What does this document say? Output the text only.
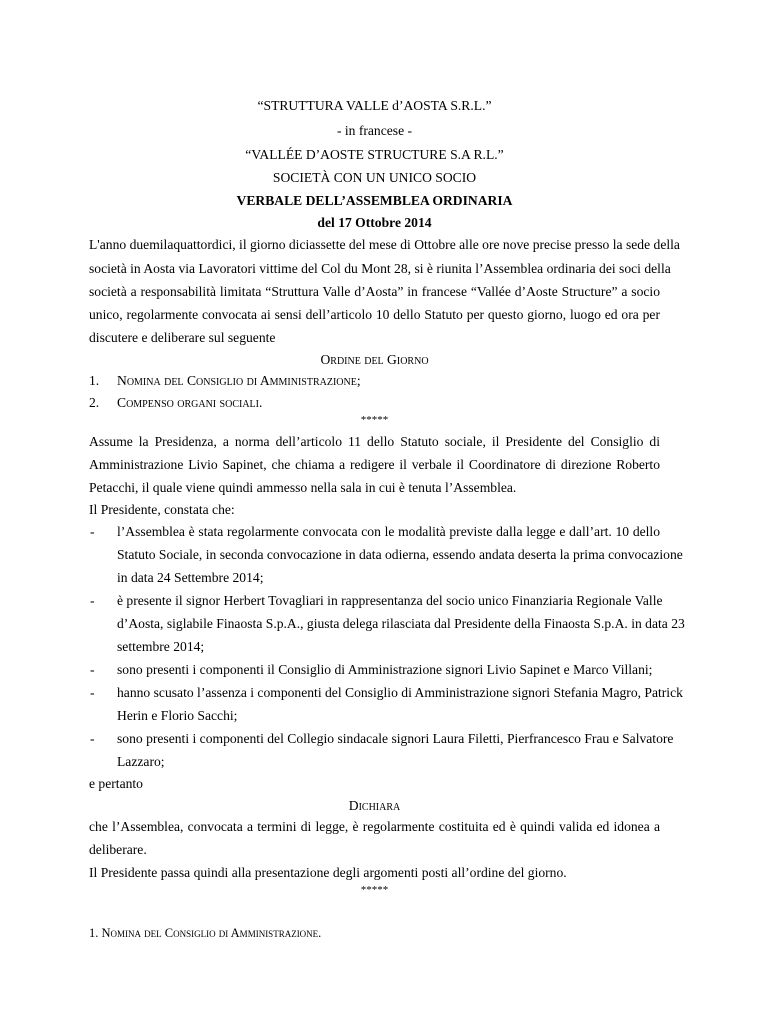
“STRUTTURA VALLE d’AOSTA S.R.L.”
- in francese -
“VALLÉE D’AOSTE STRUCTURE S.A R.L.”
SOCIETÀ CON UN UNICO SOCIO
VERBALE DELL’ASSEMBLEA ORDINARIA
del 17 Ottobre 2014
L'anno duemilaquattordici, il giorno diciassette del mese di Ottobre alle ore nove precise presso la sede della
società in Aosta via Lavoratori vittime del Col du Mont 28, si è riunita l’Assemblea ordinaria dei soci della
società a responsabilità limitata “Struttura Valle d’Aosta” in francese “Vallée d’Aoste Structure” a socio
unico, regolarmente convocata ai sensi dell’articolo 10 dello Statuto per questo giorno, luogo ed ora per
discutere e deliberare sul seguente
Ordine del Giorno
1. Nomina del Consiglio di Amministrazione;
2. Compenso organi sociali.
*****
Assume la Presidenza, a norma dell’articolo 11 dello Statuto sociale, il Presidente del Consiglio di
Amministrazione Livio Sapinet, che chiama a redigere il verbale il Coordinatore di direzione Roberto
Petacchi, il quale viene quindi ammesso nella sala in cui è tenuta l’Assemblea.
Il Presidente, constata che:
- l’Assemblea è stata regolarmente convocata con le modalità previste dalla legge e dall’art. 10 dello
Statuto Sociale, in seconda convocazione in data odierna, essendo andata deserta la prima convocazione
in data 24 Settembre 2014;
- è presente il signor Herbert Tovagliari in rappresentanza del socio unico Finanziaria Regionale Valle
d’Aosta, siglabile Finaosta S.p.A., giusta delega rilasciata dal Presidente della Finaosta S.p.A. in data 23
settembre 2014;
- sono presenti i componenti il Consiglio di Amministrazione signori Livio Sapinet e Marco Villani;
- hanno scusato l’assenza i componenti del Consiglio di Amministrazione signori Stefania Magro, Patrick
Herin e Florio Sacchi;
- sono presenti i componenti del Collegio sindacale signori Laura Filetti, Pierfrancesco Frau e Salvatore
Lazzaro;
e pertanto
Dichiara
che l’Assemblea, convocata a termini di legge, è regolarmente costituita ed è quindi valida ed idonea a
deliberare.
Il Presidente passa quindi alla presentazione degli argomenti posti all’ordine del giorno.
*****
1. Nomina del Consiglio di Amministrazione.
